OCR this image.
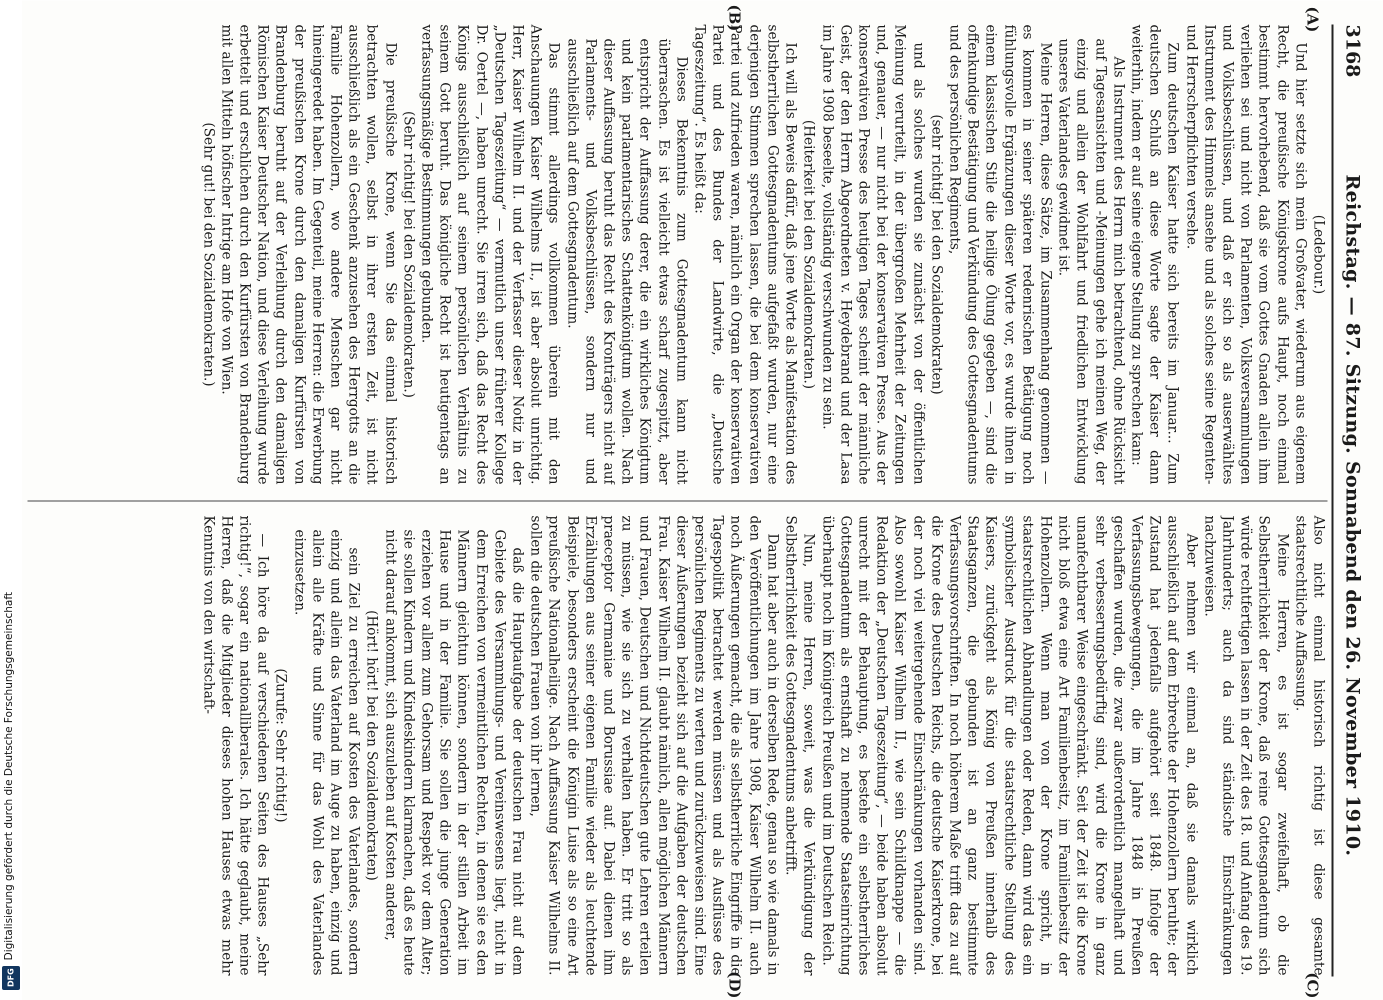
3168
Reichstag. — 87. Sitzung. Sonnabend den 26. November 1910.
(A)
(B)
(C)
(D)

(Ledebour.)

Und hier setzte sich mein Großvater, wiederum aus eigenem Recht, die preußische Königskrone aufs Haupt, noch einmal bestimmt hervorhebend, daß sie vom Gottes Gnaden allein ihm verliehen sei und nicht von Parlamenten, Volksversammlungen und Volksbeschlüssen, und daß er sich so als auserwähltes Instrument des Himmels ansehe und als solches seine Regenten- und Herrscherpflichten versehe.

Zum deutschen Kaiser hatte sich bereits im Januar... Zum deutschen Schluß an diese Worte sagte der Kaiser dann weiterhin, indem er auf seine eigene Stellung zu sprechen kam:

Als Instrument des Herrn mich betrachtend, ohne Rücksicht auf Tagesansichten und -Meinungen gehe ich meinen Weg, der einzig und allein der Wohlfahrt und friedlichen Entwicklung unseres Vaterlandes gewidmet ist.

Meine Herren, diese Sätze, im Zusammenhang genommen — es kommen in seiner späteren redenrischen Betätigung noch fühlungsvolle Ergänzungen dieser Worte vor, es wurde ihnen in einem klassischen Stile die heilige Ölung gegeben —, sind die offenkundige Bestätigung und Verkündung des Gottesgnadentums und des persönlichen Regiments,

(sehr richtig! bei den Sozialdemokraten)

und als solches wurden sie zunächst von der öffentlichen Meinung verurteilt, in der übergroßen Mehrheit der Zeitungen und, genauer, — nur nicht bei der konservativen Presse. Aus der konservativen Presse des heutigen Tages scheint der männliche Geist, der den Herrn Abgeordneten v. Heydebrand und der Lasa im Jahre 1908 beseelte, vollständig verschwunden zu sein.

(Heiterkeit bei den Sozialdemokraten.)

Ich will als Beweis dafür, daß jene Worte als Manifestation des selbstherrlichen Gottesgnadentums aufgefaßt wurden, nur eine derjenigen Stimmen sprechen lassen, die bei dem konservativen Partei und zufrieden waren, nämlich ein Organ der konservativen Partei und des Bundes der Landwirte, die „Deutsche Tageszeitung“. Es heißt da:

Dieses Bekenntnis zum Gottesgnadentum kann nicht überraschen. Es ist vielleicht etwas scharf zugespitzt, aber entspricht der Auffassung derer, die ein wirkliches Königtum und kein parlamentarisches Schattenkönigtum wollen. Nach dieser Auffassung beruht das Recht des Kronträgers nicht auf Parlaments- und Volksbeschlüssen, sondern nur und ausschließlich auf dem Gottesgnadentum.

Das stimmt allerdings vollkommen überein mit den Anschauungen Kaiser Wilhelms II., ist aber absolut unrichtig. Herr, Kaiser Wilhelm II. und der Verfasser dieser Notiz in der „Deutschen Tageszeitung“ — vermutlich unser früherer Kollege Dr. Oertel —, haben unrecht. Sie irren sich, daß das Recht des Königs ausschließlich auf seinem persönlichen Verhältnis zu seinem Gott beruht. Das königliche Recht ist heutigentags an verfassungsmäßige Bestimmungen gebunden.

(Sehr richtig! bei den Sozialdemokraten.)

Die preußische Krone, wenn Sie das einmal historisch betrachten wollen, selbst in ihrer ersten Zeit, ist nicht ausschließlich als ein Geschenk anzusehen des Herrgotts an die Familie Hohenzollern, wo andere Menschen gar nicht hineingeredet haben. Im Gegenteil, meine Herren: die Erwerbung der preußischen Krone durch den damaligen Kurfürsten von Brandenburg beruht auf der Verleihung durch den damaligen Römischen Kaiser Deutscher Nation, und diese Verleihung wurde erbettelt und erschlichen durch den Kurfürsten von Brandenburg mit allen Mitteln höfischer Intrige am Hofe von Wien.

(Sehr gut! bei den Sozialdemokraten.)

Also nicht einmal historisch richtig ist diese gesamte staatsrechtliche Auffassung.

Meine Herren, es ist sogar zweifelhaft, ob die Selbstherrlichkeit der Krone, daß reine Gottesgnadentum sich würde rechtfertigen lassen in der Zeit des 18. und Anfang des 19. Jahrhunderts; auch da sind ständische Einschränkungen nachzuweisen.

Aber nehmen wir einmal an, daß sie damals wirklich ausschließlich auf dem Erbrechte der Hohenzollern beruhte; der Zustand hat jedenfalls aufgehört seit 1848. Infolge der Verfassungsbewegungen, die im Jahre 1848 in Preußen geschaffen wurden, die zwar außerordentlich mangelhaft und sehr verbesserungsbedürftig sind, wird die Krone in ganz unanfechtbarer Weise eingeschränkt. Seit der Zeit ist die Krone nicht bloß etwa eine Art Familienbesitz, im Familienbesitz der Hohenzollern. Wenn man von der Krone spricht, in staatsrechtlichen Abhandlungen oder Reden, dann wird das ein symbolischer Ausdruck für die staatsrechtliche Stellung des Kaisers, zurückgeht als König von Preußen innerhalb des Staatsganzen, die gebunden ist an ganz bestimmte Verfassungsvorschriften. In noch höherem Maße trifft das zu auf die Krone des Deutschen Reichs, die deutsche Kaiserkrone, bei der noch viel weitergehende Einschränkungen vorhanden sind. Also sowohl Kaiser Wilhelm II., wie sein Schildknappe — die Redaktion der „Deutschen Tageszeitung“, — beide haben absolut unrecht mit der Behauptung, es bestehe ein selbstherrliches Gottesgnadentum als ernsthaft zu nehmende Staatseinrichtung überhaupt noch im Königreich Preußen und im Deutschen Reich.

Nun, meine Herren, soweit, was die Verkündigung der Selbstherrlichkeit des Gottesgnadentums anbetrifft.

Dann hat aber auch in derselben Rede, genau so wie damals in den Veröffentlichungen im Jahre 1908, Kaiser Wilhelm II. auch noch Äußerungen gemacht, die als selbstherrliche Eingriffe in die Tagespolitik betrachtet werden müssen und als Ausflüsse des persönlichen Regiments zu werten und zurückzuweisen sind. Eine dieser Äußerungen bezieht sich auf die Aufgaben der deutschen Frau. Kaiser Wilhelm II. glaubt nämlich, allen möglichen Männern und Frauen, Deutschen und Nichtdeutschen gute Lehren erteilen zu müssen, wie sie sich zu verhalten haben. Er tritt so als praeceptor Germaniae und Borussiae auf. Dabei dienen ihm Erzählungen aus seiner eigenen Familie wieder als leuchtende Beispiele, besonders erscheint die Königin Luise als so eine Art preußische Nationalheilige. Nach Auffassung Kaiser Wilhelms II. sollen die deutschen Frauen von ihr lernen,

daß die Hauptaufgabe der deutschen Frau nicht auf dem Gebiete des Versammlungs- und Vereinswesens liegt, nicht in dem Erreichen von vermeintlichen Rechten, in denen sie es den Männern gleichtun können, sondern in der stillen Arbeit im Hause und in der Familie. Sie sollen die junge Generation erziehen vor allem zum Gehorsam und Respekt vor dem Alter; sie sollen Kindern und Kindeskindern klarmachen, daß es heute nicht darauf ankommt, sich auszuleben auf Kosten anderer,

(Hört! hört! bei den Sozialdemokraten)

sein Ziel zu erreichen auf Kosten des Vaterlandes, sondern einzig und allein das Vaterland im Auge zu haben, einzig und allein alle Kräfte und Sinne für das Wohl des Vaterlandes einzusetzen.

(Zurufe: Sehr richtig!)

— Ich höre da auf verschiedenen Seiten des Hauses „Sehr richtig!“, sogar ein nationalliberales. Ich hätte geglaubt, meine Herren, daß die Mitglieder dieses hohen Hauses etwas mehr Kenntnis von den wirtschaft-

Digitalisierung gefördert durch die Deutsche Forschungsgemeinschaft
DFG
